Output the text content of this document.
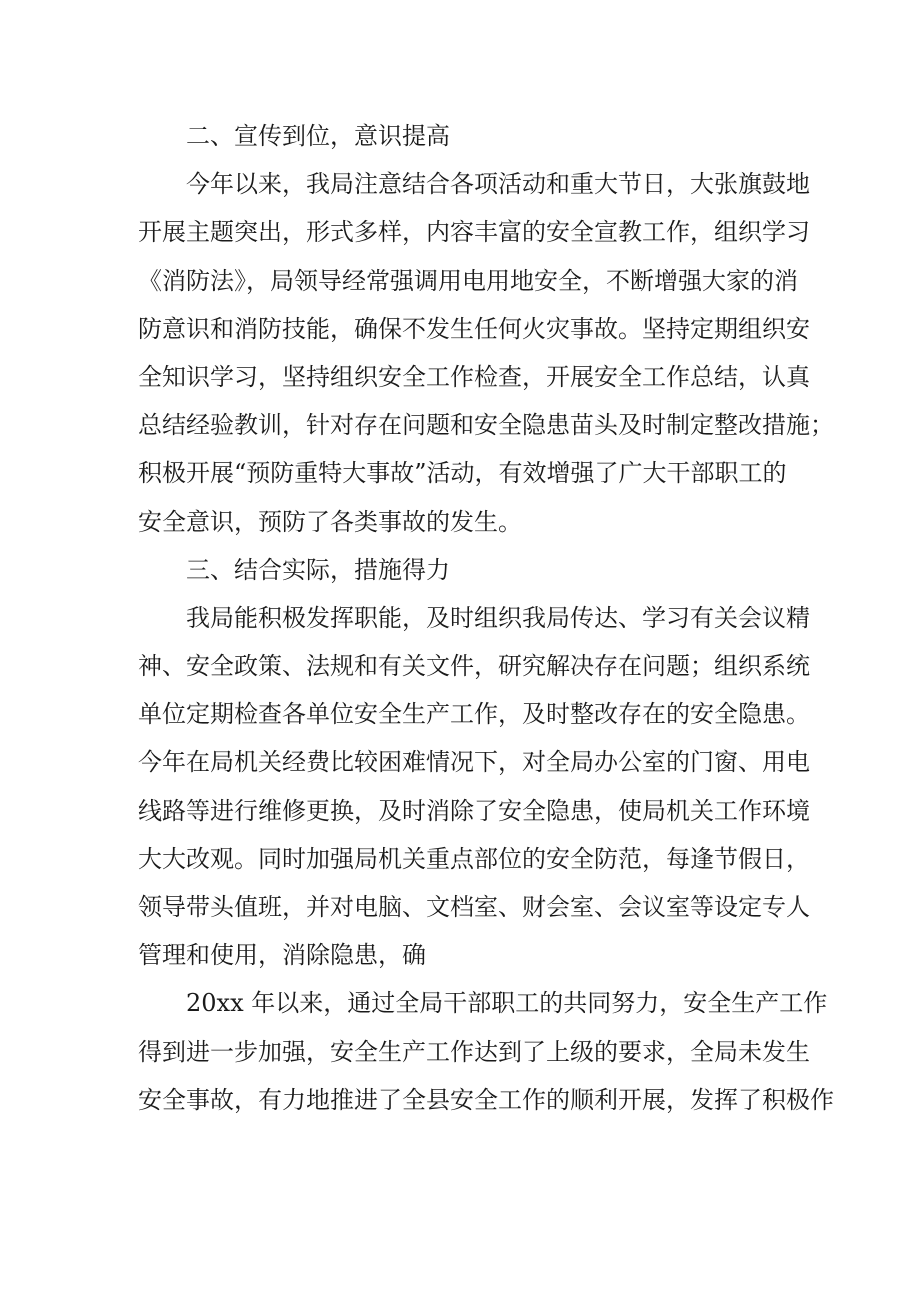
二、宣传到位，意识提高
今年以来，我局注意结合各项活动和重大节日，大张旗鼓地
开展主题突出，形式多样，内容丰富的安全宣教工作，组织学习
《消防法》，局领导经常强调用电用地安全，不断增强大家的消
防意识和消防技能，确保不发生任何火灾事故。坚持定期组织安
全知识学习，坚持组织安全工作检查，开展安全工作总结，认真
总结经验教训，针对存在问题和安全隐患苗头及时制定整改措施；
积极开展“预防重特大事故”活动，有效增强了广大干部职工的
安全意识，预防了各类事故的发生。
三、结合实际，措施得力
我局能积极发挥职能，及时组织我局传达、学习有关会议精
神、安全政策、法规和有关文件，研究解决存在问题；组织系统
单位定期检查各单位安全生产工作，及时整改存在的安全隐患。
今年在局机关经费比较困难情况下，对全局办公室的门窗、用电
线路等进行维修更换，及时消除了安全隐患，使局机关工作环境
大大改观。同时加强局机关重点部位的安全防范，每逢节假日，
领导带头值班，并对电脑、文档室、财会室、会议室等设定专人
管理和使用，消除隐患，确
20xx 年以来，通过全局干部职工的共同努力，安全生产工作
得到进一步加强，安全生产工作达到了上级的要求，全局未发生
安全事故，有力地推进了全县安全工作的顺利开展，发挥了积极作
